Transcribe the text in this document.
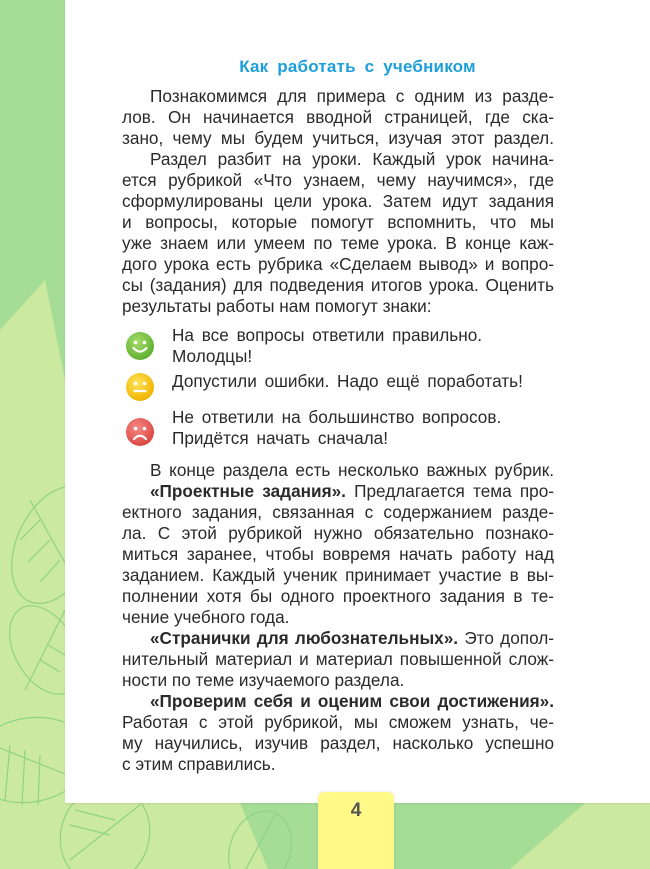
Как работать с учебником
Познакомимся для примера с одним из разде-
лов. Он начинается вводной страницей, где ска-
зано, чему мы будем учиться, изучая этот раздел.
Раздел разбит на уроки. Каждый урок начина-
ется рубрикой «Что узнаем, чему научимся», где
сформулированы цели урока. Затем идут задания
и вопросы, которые помогут вспомнить, что мы
уже знаем или умеем по теме урока. В конце каж-
дого урока есть рубрика «Сделаем вывод» и вопро-
сы (задания) для подведения итогов урока. Оценить
результаты работы нам помогут знаки:
На все вопросы ответили правильно.
Молодцы!
Допустили ошибки. Надо ещё поработать!
Не ответили на большинство вопросов.
Придётся начать сначала!
В конце раздела есть несколько важных рубрик.
«Проектные задания». Предлагается тема про-
ектного задания, связанная с содержанием разде-
ла. С этой рубрикой нужно обязательно познако-
миться заранее, чтобы вовремя начать работу над
заданием. Каждый ученик принимает участие в вы-
полнении хотя бы одного проектного задания в те-
чение учебного года.
«Странички для любознательных». Это допол-
нительный материал и материал повышенной слож-
ности по теме изучаемого раздела.
«Проверим себя и оценим свои достижения».
Работая с этой рубрикой, мы сможем узнать, че-
му научились, изучив раздел, насколько успешно
с этим справились.
4
